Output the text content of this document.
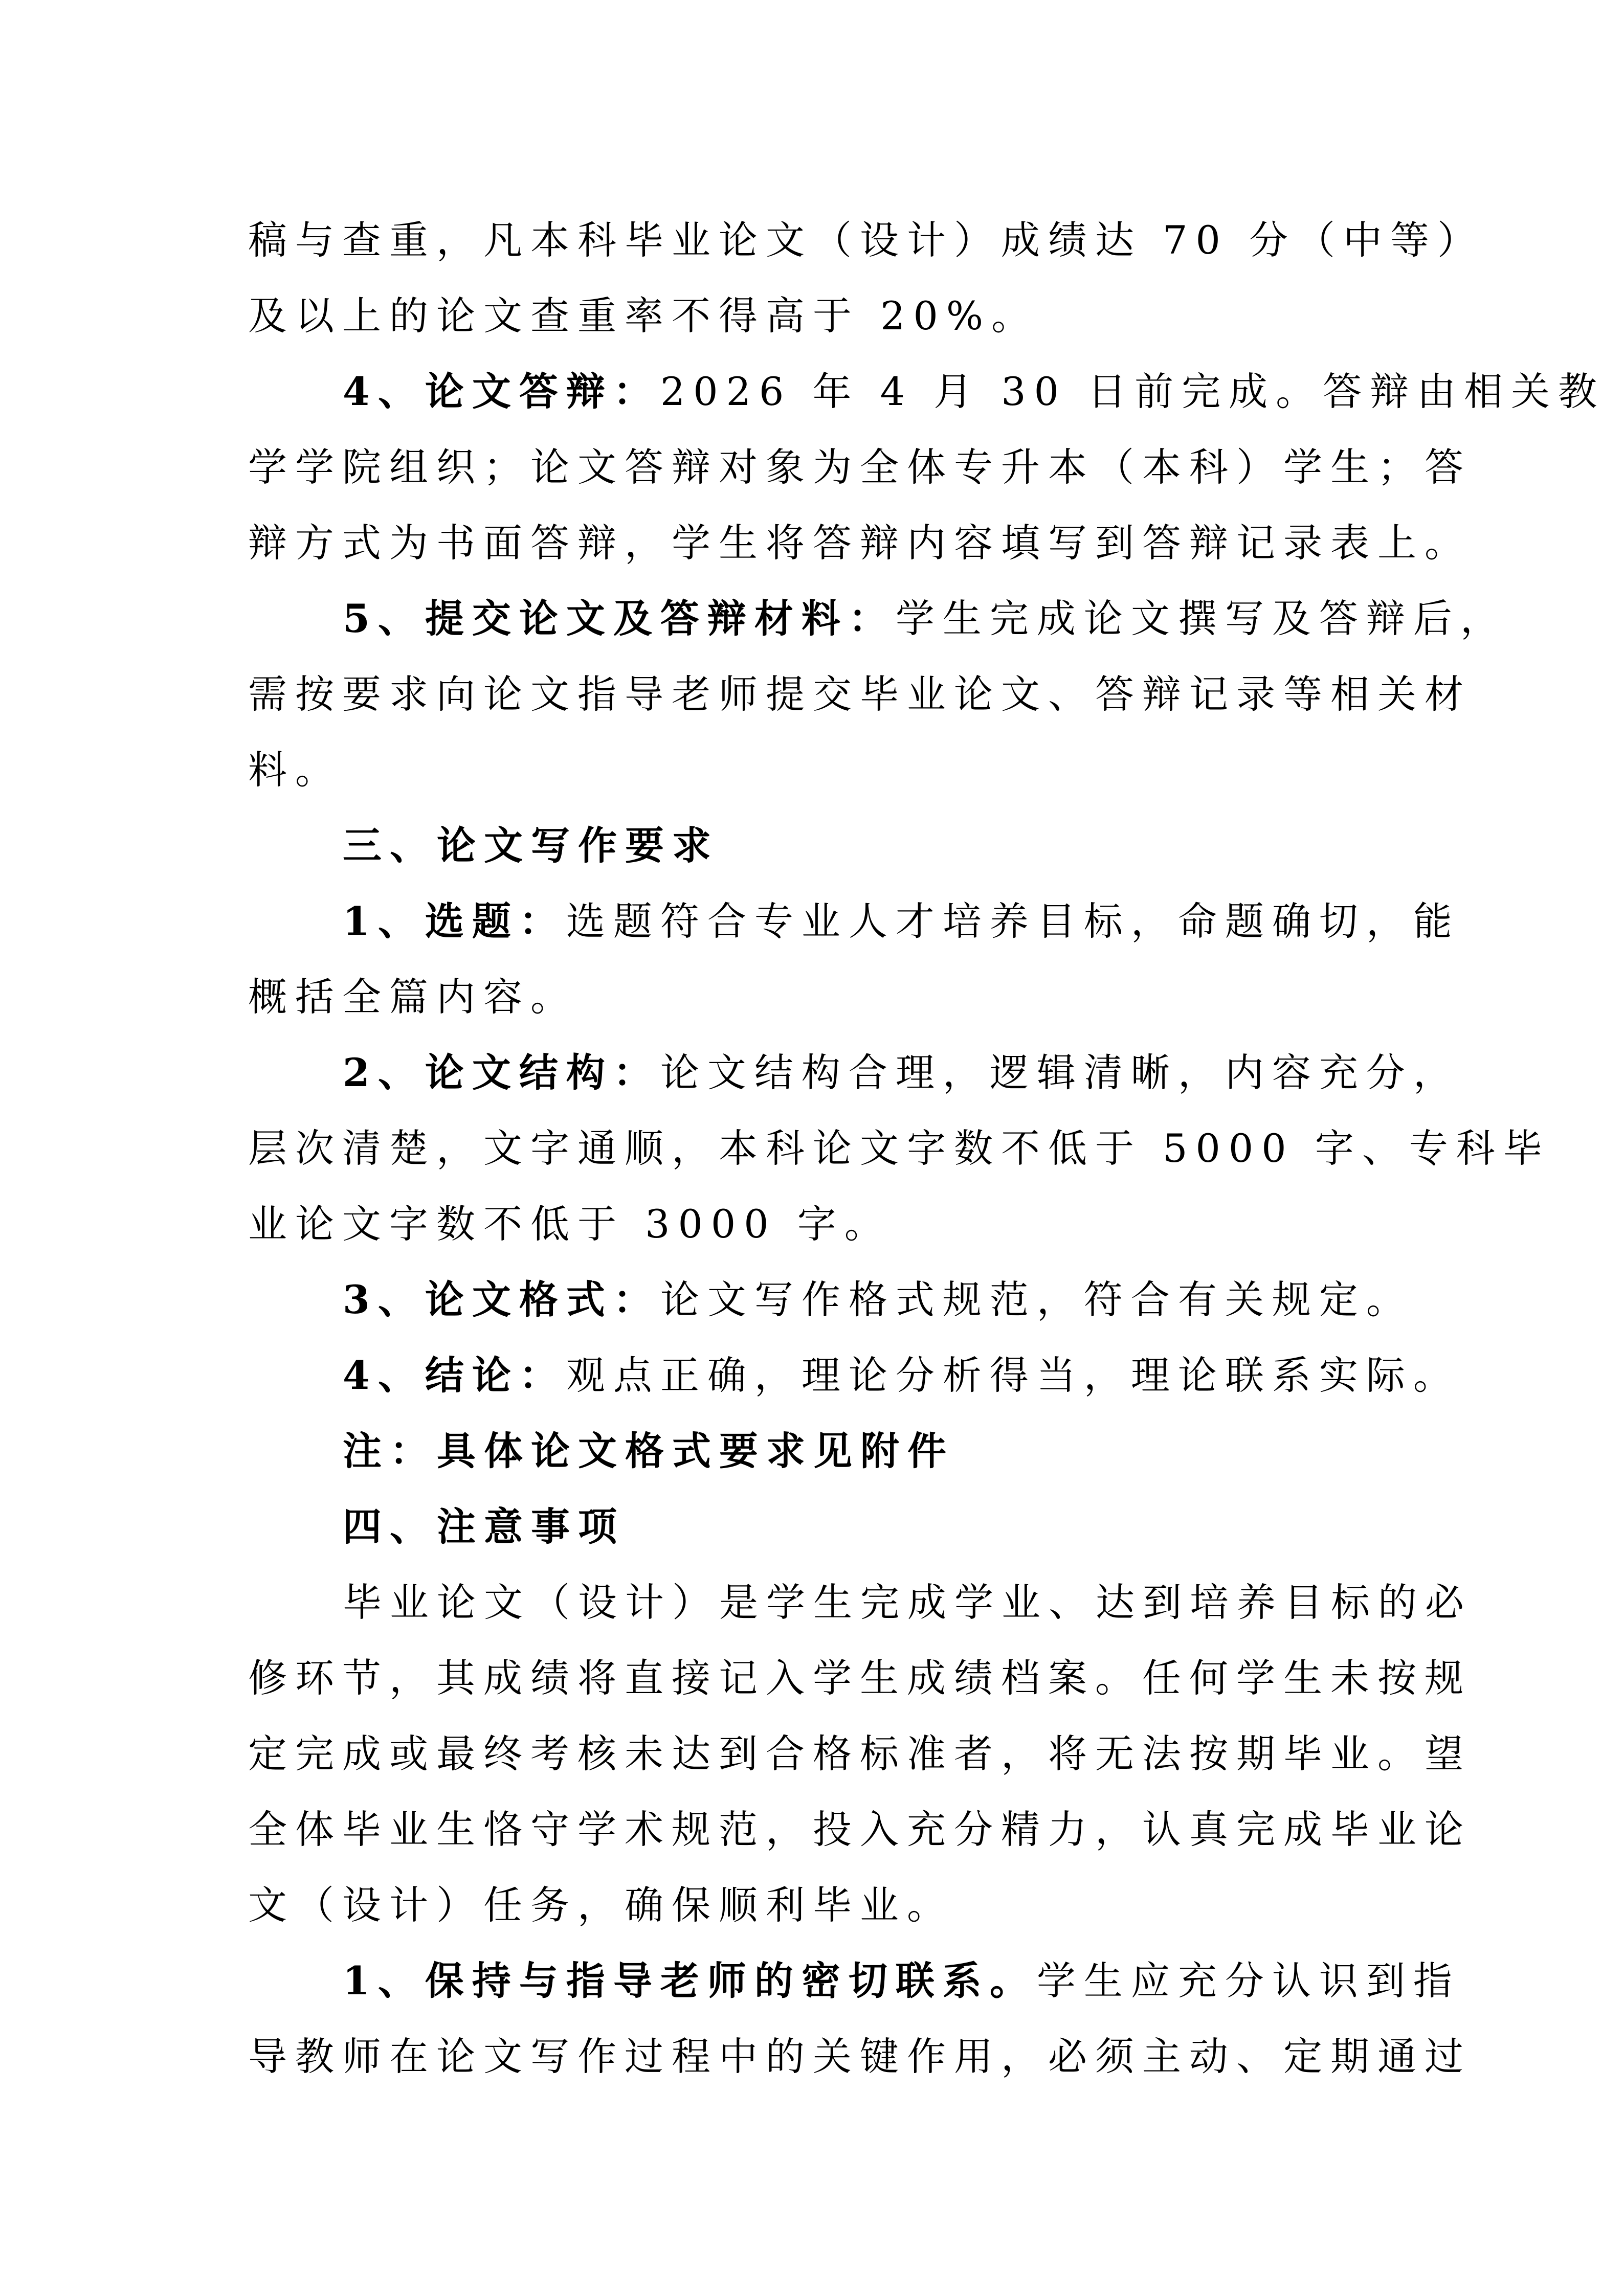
稿与查重，凡本科毕业论文（设计）成绩达 70 分（中等）
及以上的论文查重率不得高于 20%。
4、论文答辩：2026 年 4 月 30 日前完成。答辩由相关教
学学院组织；论文答辩对象为全体专升本（本科）学生；答
辩方式为书面答辩，学生将答辩内容填写到答辩记录表上。
5、提交论文及答辩材料：学生完成论文撰写及答辩后，
需按要求向论文指导老师提交毕业论文、答辩记录等相关材
料。
三、论文写作要求
1、选题：选题符合专业人才培养目标，命题确切，能
概括全篇内容。
2、论文结构：论文结构合理，逻辑清晰，内容充分，
层次清楚，文字通顺，本科论文字数不低于 5000 字、专科毕
业论文字数不低于 3000 字。
3、论文格式：论文写作格式规范，符合有关规定。
4、结论：观点正确，理论分析得当，理论联系实际。
注：具体论文格式要求见附件
四、注意事项
毕业论文（设计）是学生完成学业、达到培养目标的必
修环节，其成绩将直接记入学生成绩档案。任何学生未按规
定完成或最终考核未达到合格标准者，将无法按期毕业。望
全体毕业生恪守学术规范，投入充分精力，认真完成毕业论
文（设计）任务，确保顺利毕业。
1、保持与指导老师的密切联系。学生应充分认识到指
导教师在论文写作过程中的关键作用，必须主动、定期通过
